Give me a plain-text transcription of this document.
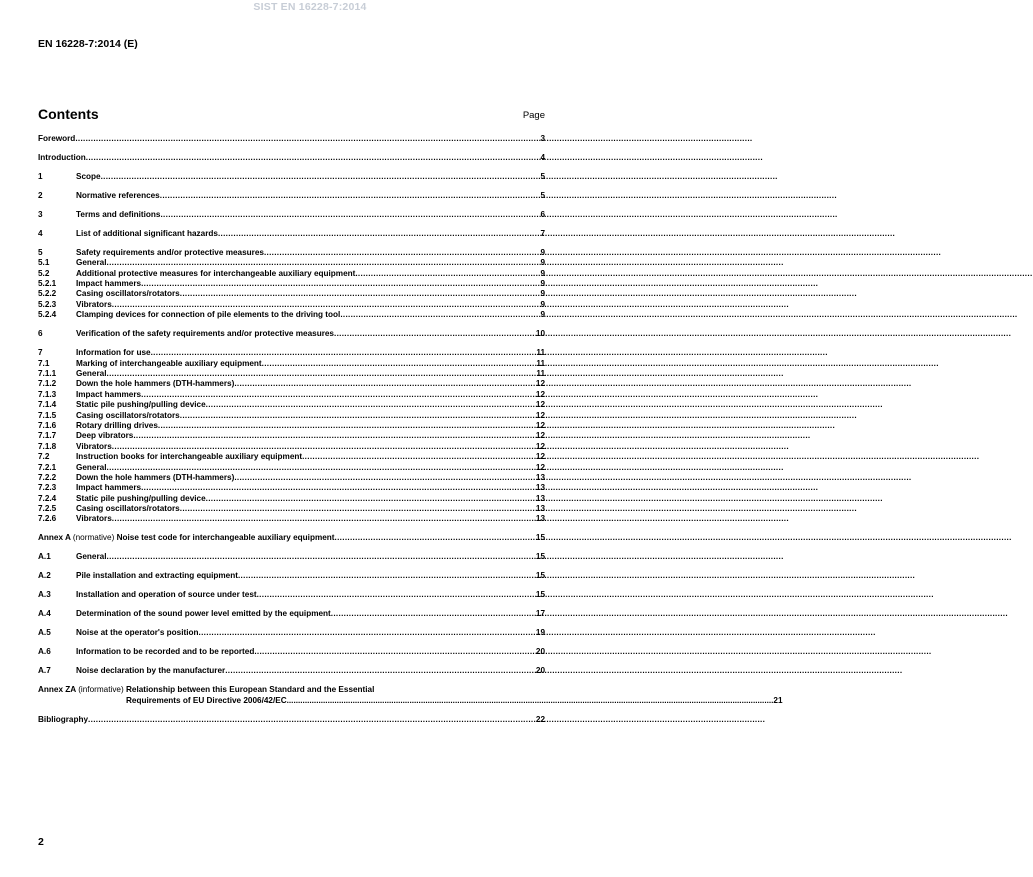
SIST EN 16228-7:2014
EN 16228-7:2014 (E)
Contents	Page
Foreword .....	3
Introduction .....	4
1	Scope .....	5
2	Normative references .....	5
3	Terms and definitions .....	6
4	List of additional significant hazards .....	7
5	Safety requirements and/or protective measures .....	9
5.1	General .....	9
5.2	Additional protective measures for interchangeable auxiliary equipment .....	9
5.2.1	Impact hammers .....	9
5.2.2	Casing oscillators/rotators .....	9
5.2.3	Vibrators .....	9
5.2.4	Clamping devices for connection of pile elements to the driving tool .....	9
6	Verification of the safety requirements and/or protective measures .....	10
7	Information for use .....	11
7.1	Marking of interchangeable auxiliary equipment .....	11
7.1.1	General .....	11
7.1.2	Down the hole hammers (DTH-hammers) .....	12
7.1.3	Impact hammers .....	12
7.1.4	Static pile pushing/pulling device .....	12
7.1.5	Casing oscillators/rotators .....	12
7.1.6	Rotary drilling drives .....	12
7.1.7	Deep vibrators .....	12
7.1.8	Vibrators .....	12
7.2	Instruction books for interchangeable auxiliary equipment .....	12
7.2.1	General .....	12
7.2.2	Down the hole hammers (DTH-hammers) .....	13
7.2.3	Impact hammers .....	13
7.2.4	Static pile pushing/pulling device .....	13
7.2.5	Casing oscillators/rotators .....	13
7.2.6	Vibrators .....	13
Annex A (normative) Noise test code for interchangeable auxiliary equipment .....	15
A.1	General .....	15
A.2	Pile installation and extracting equipment .....	15
A.3	Installation and operation of source under test .....	15
A.4	Determination of the sound power level emitted by the equipment .....	17
A.5	Noise at the operator's position .....	19
A.6	Information to be recorded and to be reported .....	20
A.7	Noise declaration by the manufacturer .....	20
Annex ZA (informative) Relationship between this European Standard and the Essential
Requirements of EU Directive 2006/42/EC .....	21
Bibliography .....	22
2
